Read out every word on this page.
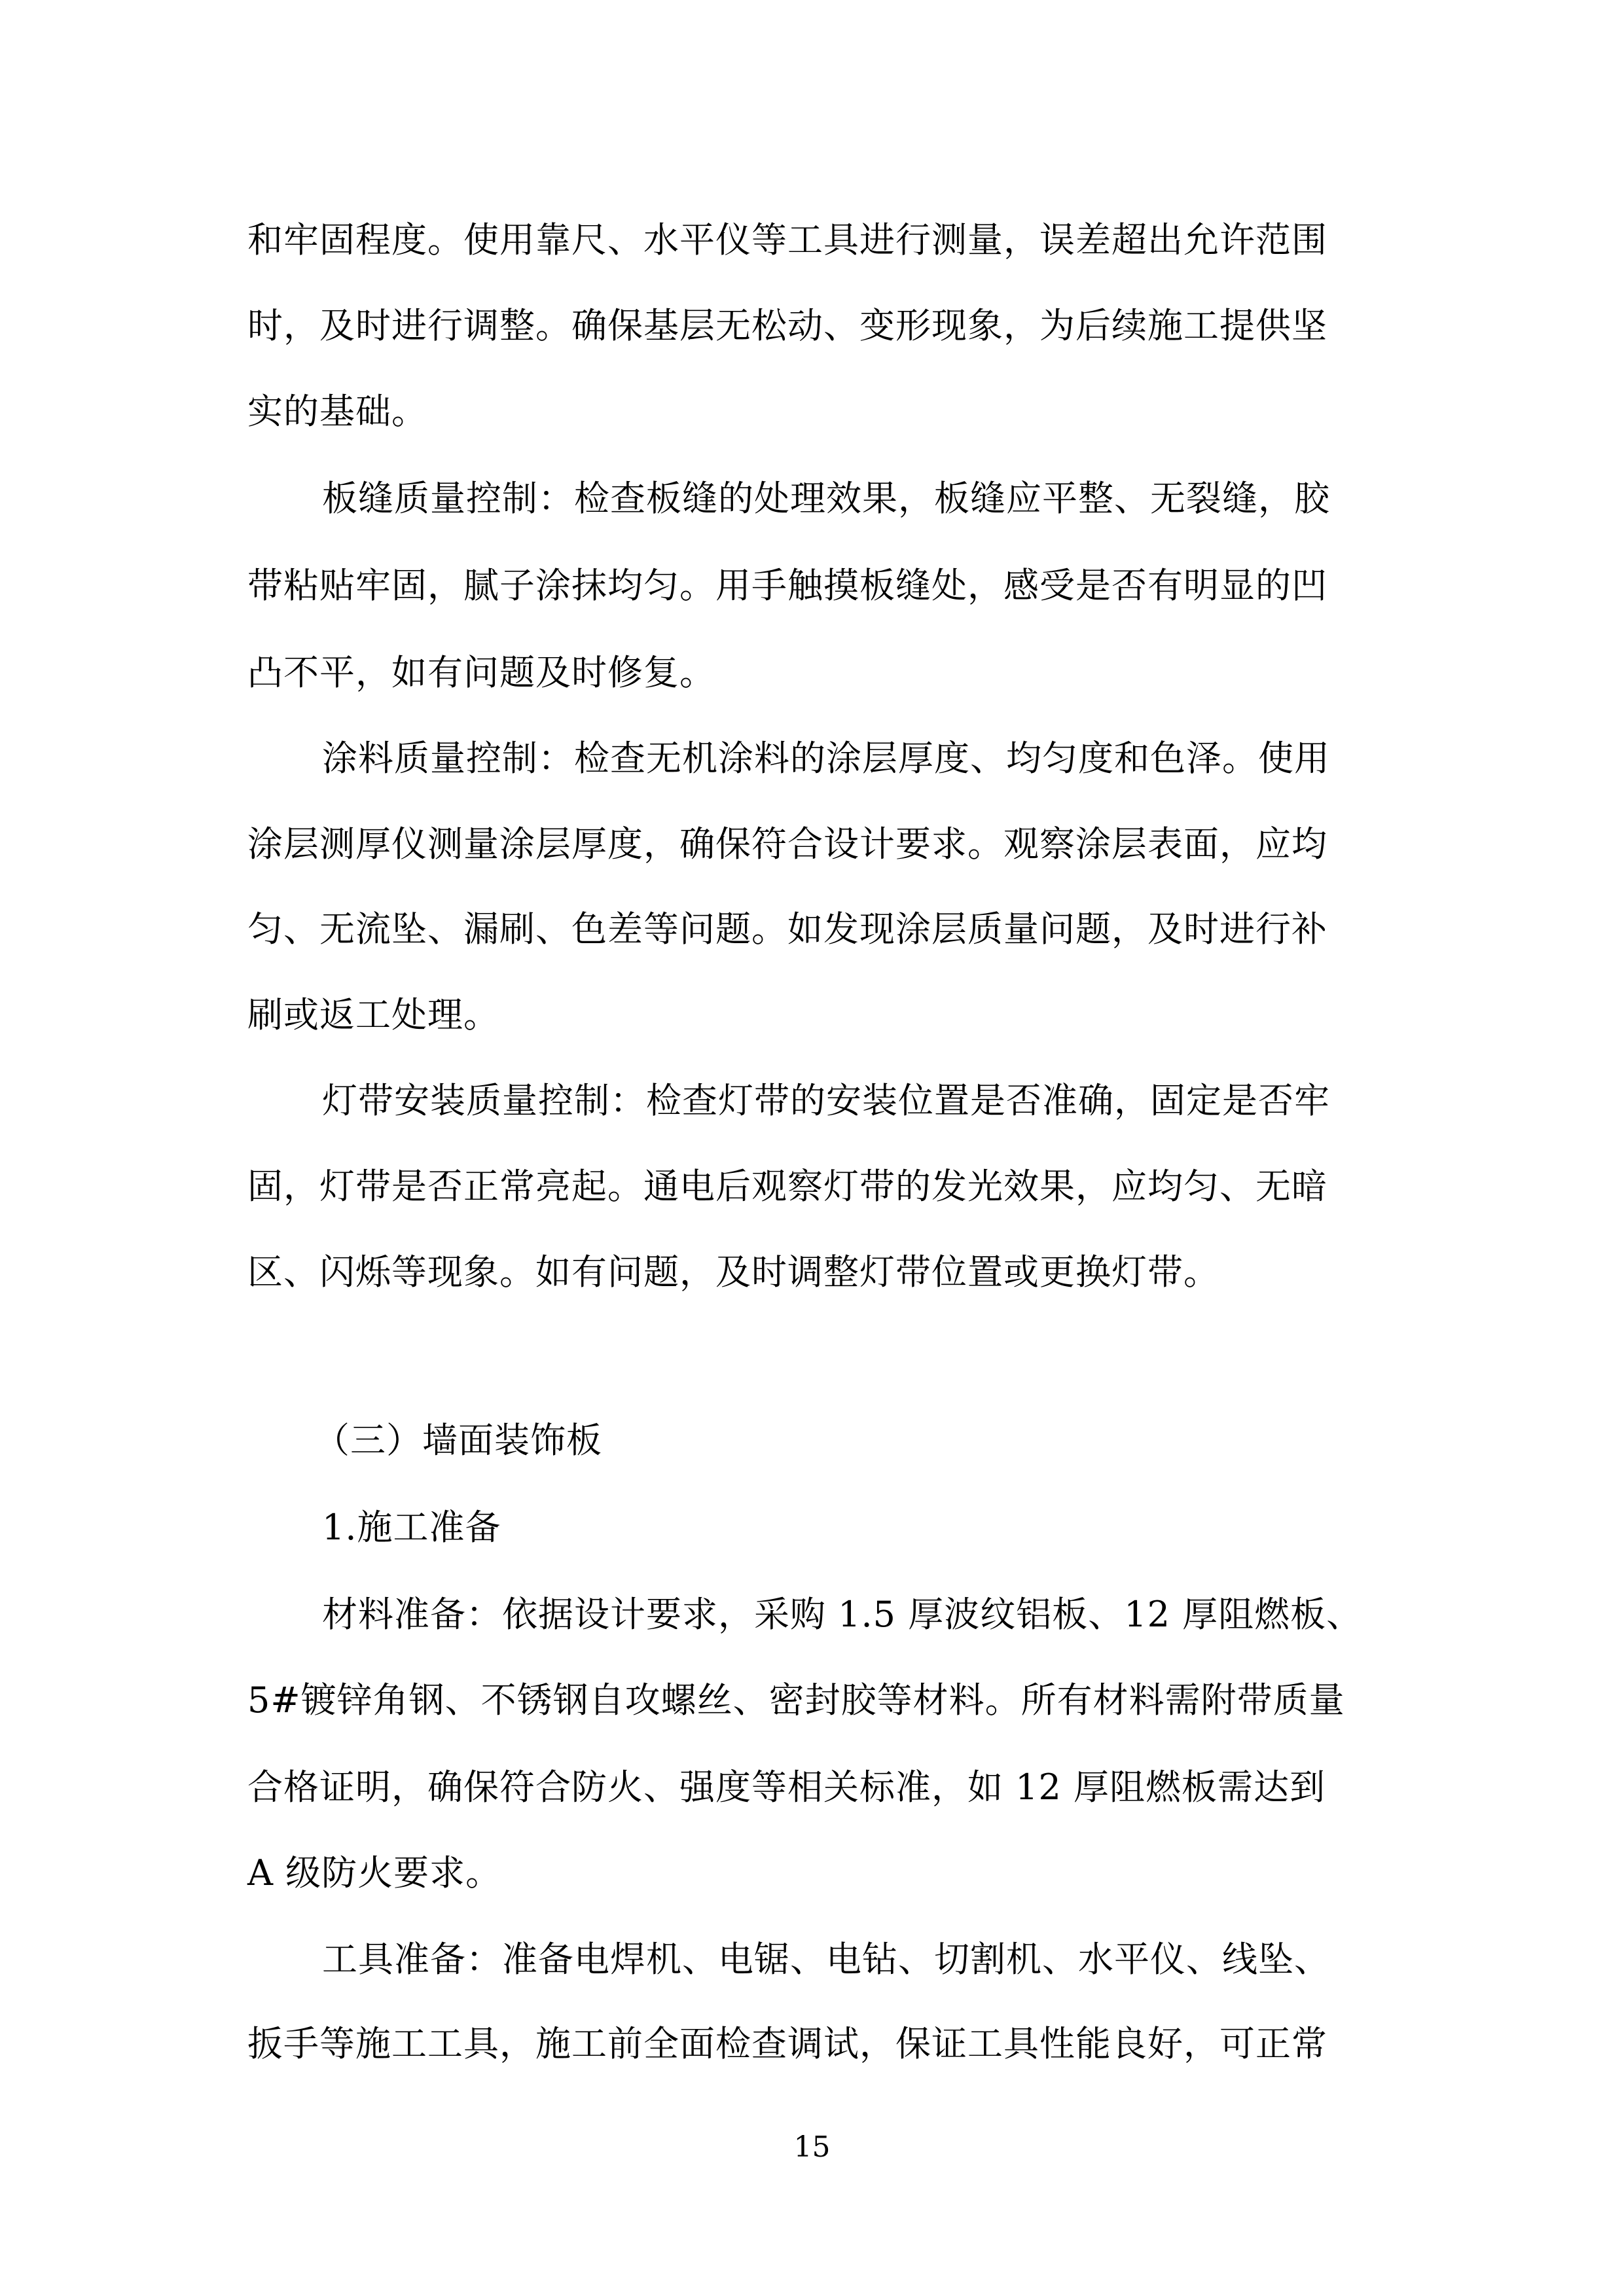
和牢固程度。使用靠尺、水平仪等工具进行测量，误差超出允许范围
时，及时进行调整。确保基层无松动、变形现象，为后续施工提供坚
实的基础。
板缝质量控制：检查板缝的处理效果，板缝应平整、无裂缝，胶
带粘贴牢固，腻子涂抹均匀。用手触摸板缝处，感受是否有明显的凹
凸不平，如有问题及时修复。
涂料质量控制：检查无机涂料的涂层厚度、均匀度和色泽。使用
涂层测厚仪测量涂层厚度，确保符合设计要求。观察涂层表面，应均
匀、无流坠、漏刷、色差等问题。如发现涂层质量问题，及时进行补
刷或返工处理。
灯带安装质量控制：检查灯带的安装位置是否准确，固定是否牢
固，灯带是否正常亮起。通电后观察灯带的发光效果，应均匀、无暗
区、闪烁等现象。如有问题，及时调整灯带位置或更换灯带。
（三）墙面装饰板
1.施工准备
材料准备：依据设计要求，采购 1.5 厚波纹铝板、12 厚阻燃板、
5#镀锌角钢、不锈钢自攻螺丝、密封胶等材料。所有材料需附带质量
合格证明，确保符合防火、强度等相关标准，如 12 厚阻燃板需达到
A 级防火要求。
工具准备：准备电焊机、电锯、电钻、切割机、水平仪、线坠、
扳手等施工工具，施工前全面检查调试，保证工具性能良好，可正常
15
